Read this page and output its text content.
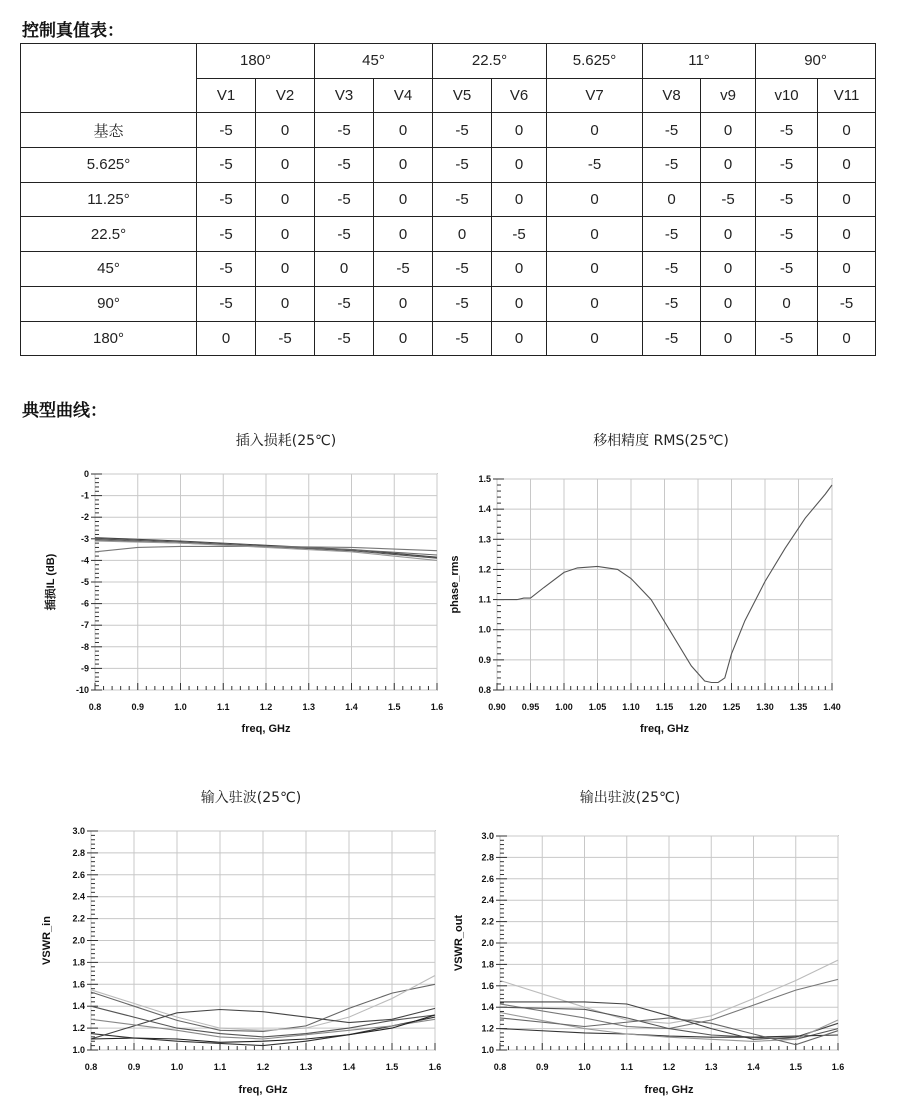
控制真值表：
	180°		45°		22.5°		5.625°	11°		90°	
	V1	V2	V3	V4	V5	V6	V7	V8	v9	v10	V11
基态	-5	0	-5	0	-5	0	0	-5	0	-5	0
5.625°	-5	0	-5	0	-5	0	-5	-5	0	-5	0
11.25°	-5	0	-5	0	-5	0	0	0	-5	-5	0
22.5°	-5	0	-5	0	0	-5	0	-5	0	-5	0
45°	-5	0	0	-5	-5	0	0	-5	0	-5	0
90°	-5	0	-5	0	-5	0	0	-5	0	0	-5
180°	0	-5	-5	0	-5	0	0	-5	0	-5	0
典型曲线：
插入损耗(25℃)	移相精度 RMS(25℃)
输入驻波(25℃)	输出驻波(25℃)
0.8	0.9	1.0	1.1	1.2	1.3	1.4	1.5	1.6
0
-1
-2
-3
-4
-5
-6
-7
-8
-9
-10
freq, GHz
插损IL (dB)
0.90 0.95 1.00 1.05 1.10 1.15 1.20 1.25 1.30 1.35 1.40
0.8
0.9
1.0
1.1
1.2
1.3
1.4
1.5
freq, GHz
phase_rms
0.8	0.9	1.0	1.1	1.2	1.3	1.4	1.5	1.6
1.0
1.2
1.4
1.6
1.8
2.0
2.2
2.4
2.6
2.8
3.0
freq, GHz
VSWR_in
0.8	0.9	1.0	1.1	1.2	1.3	1.4	1.5	1.6
1.0
1.2
1.4
1.6
1.8
2.0
2.2
2.4
2.6
2.8
3.0
freq, GHz
VSWR_out
